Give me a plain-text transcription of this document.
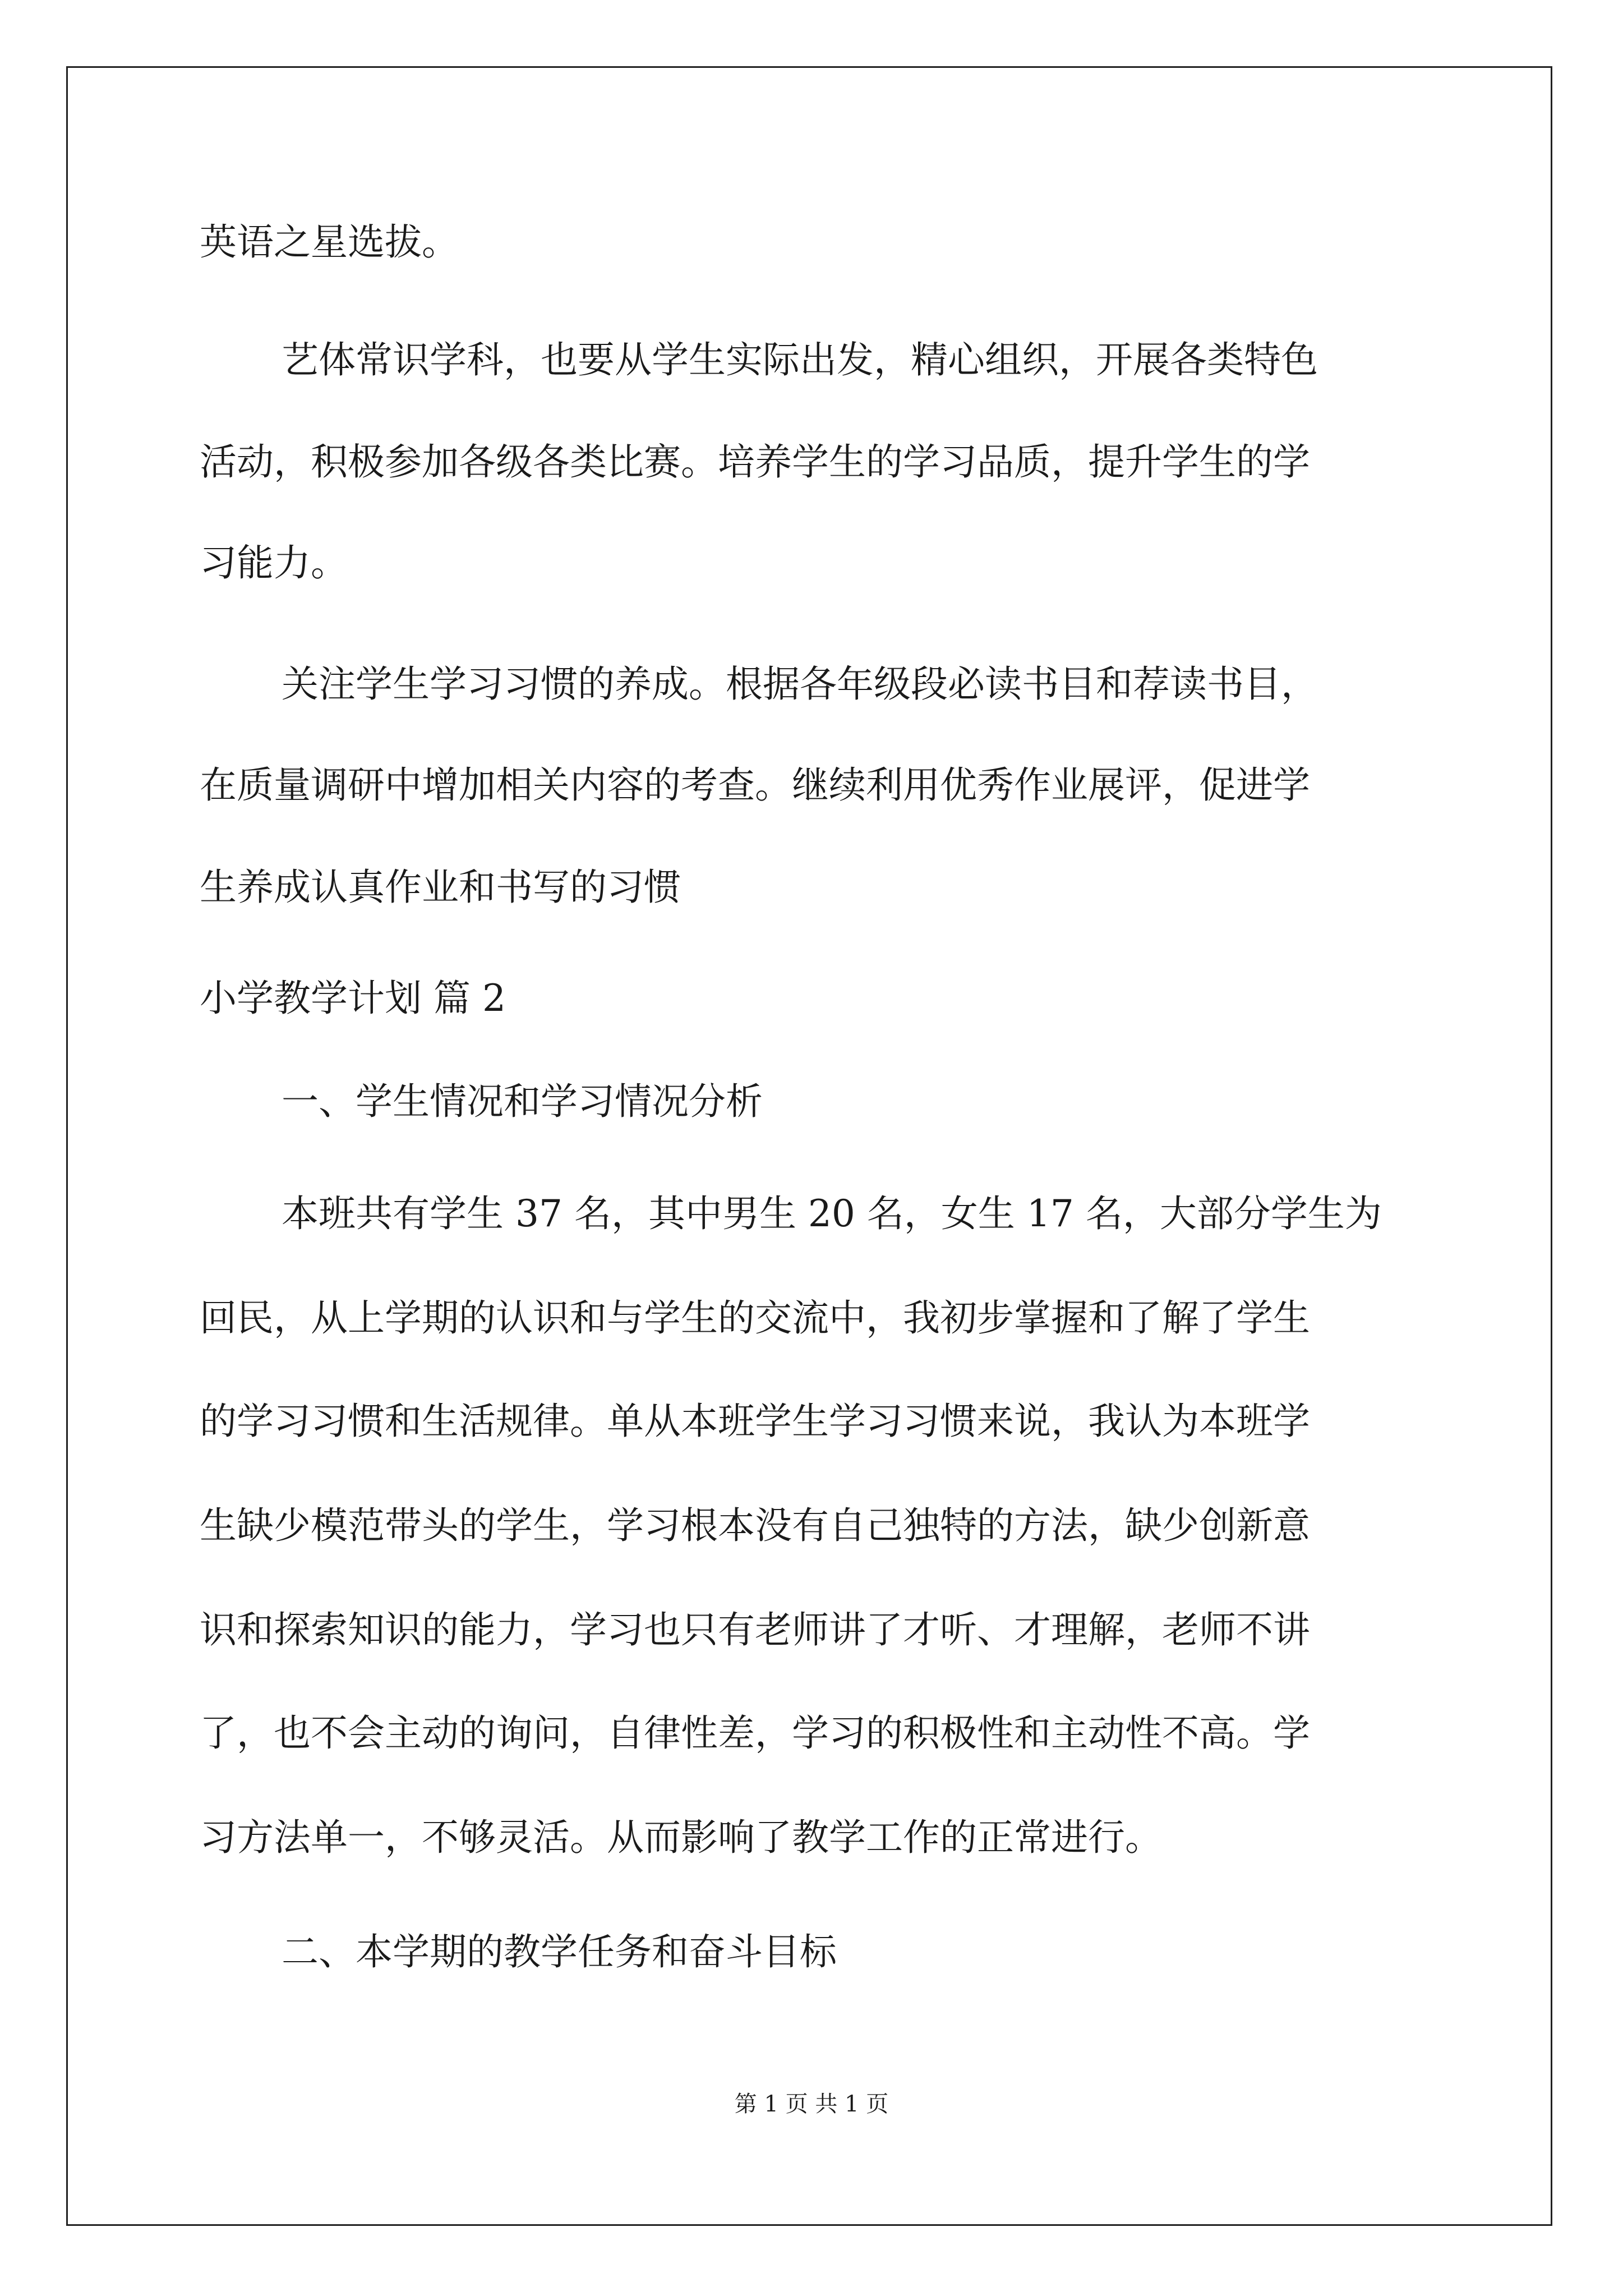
英语之星选拔。
艺体常识学科，也要从学生实际出发，精心组织，开展各类特色
活动，积极参加各级各类比赛。培养学生的学习品质，提升学生的学
习能力。
关注学生学习习惯的养成。根据各年级段必读书目和荐读书目，
在质量调研中增加相关内容的考查。继续利用优秀作业展评，促进学
生养成认真作业和书写的习惯
小学教学计划 篇 2
一、学生情况和学习情况分析
本班共有学生 37 名，其中男生 20 名，女生 17 名，大部分学生为
回民，从上学期的认识和与学生的交流中，我初步掌握和了解了学生
的学习习惯和生活规律。单从本班学生学习习惯来说，我认为本班学
生缺少模范带头的学生，学习根本没有自己独特的方法，缺少创新意
识和探索知识的能力，学习也只有老师讲了才听、才理解，老师不讲
了，也不会主动的询问，自律性差，学习的积极性和主动性不高。学
习方法单一，不够灵活。从而影响了教学工作的正常进行。
二、本学期的教学任务和奋斗目标
第 1 页 共 1 页
